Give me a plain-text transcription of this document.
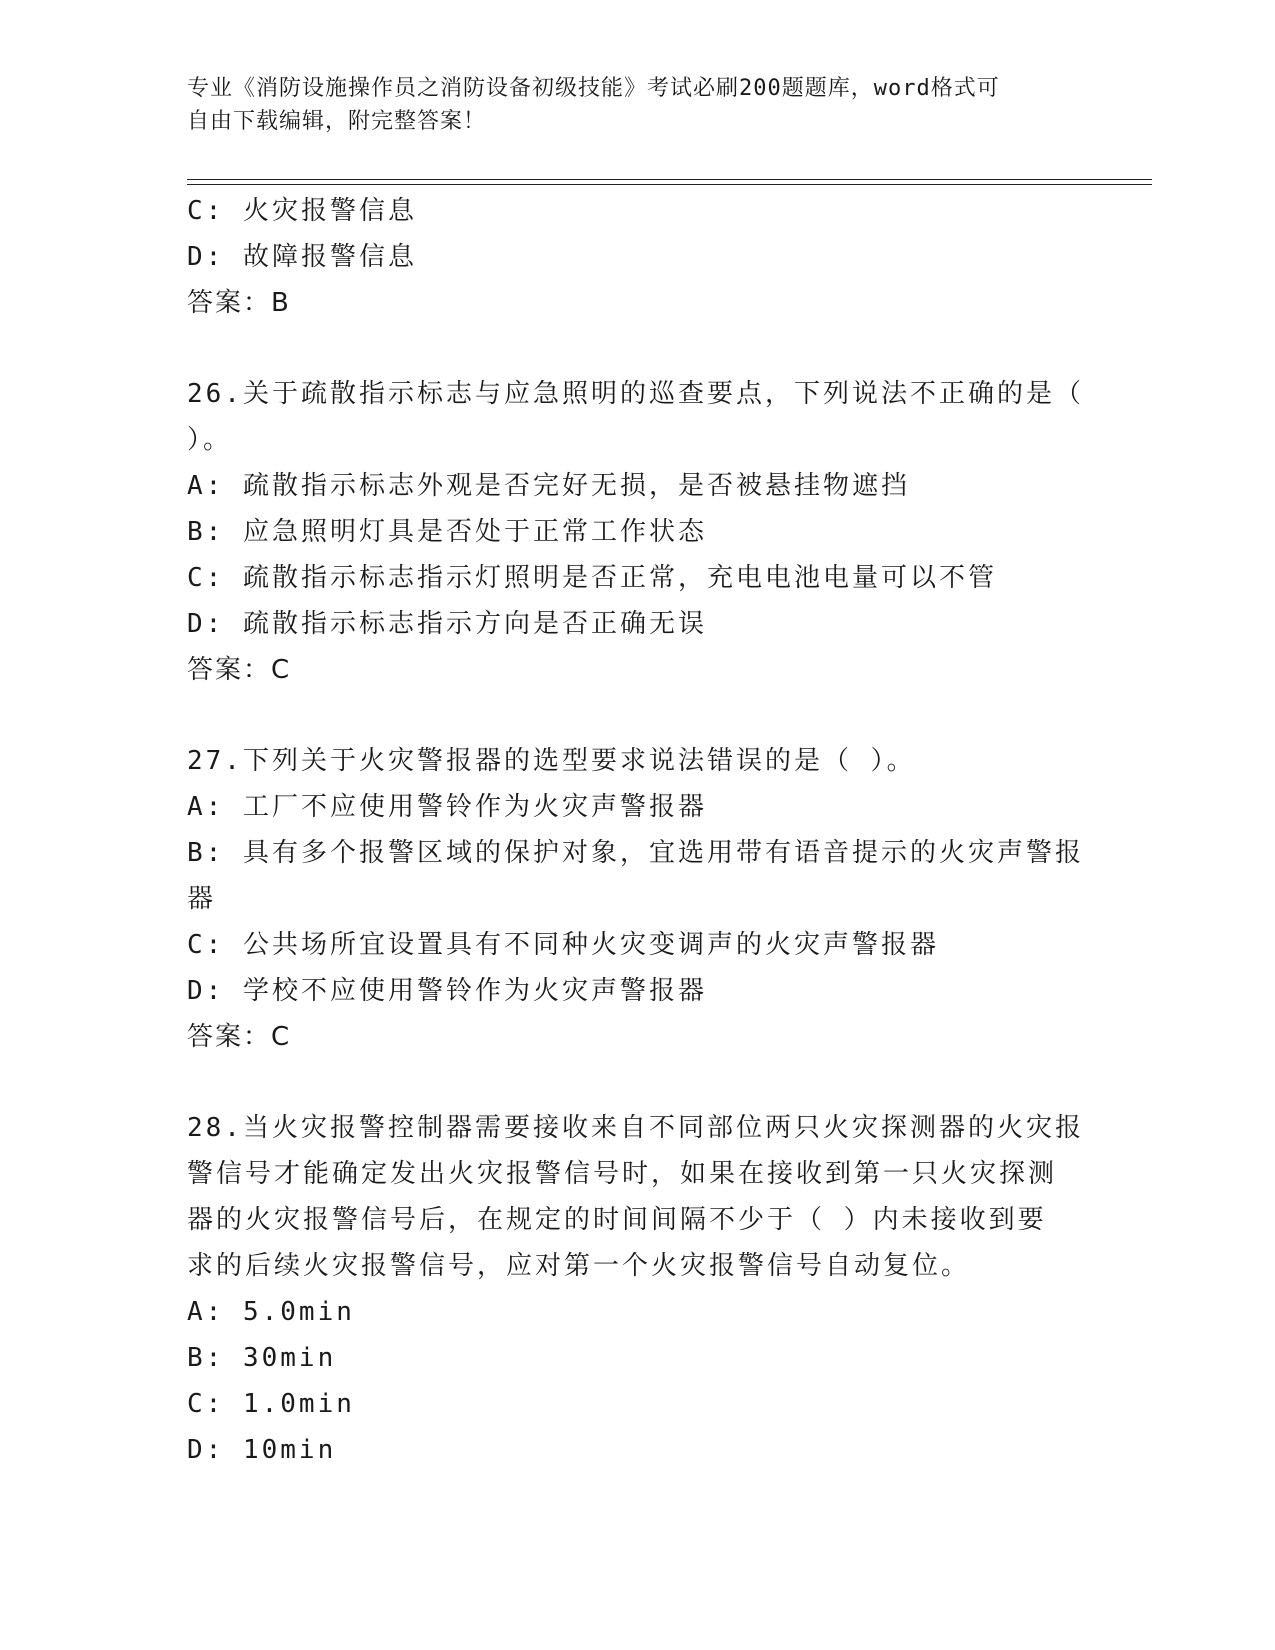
专业《消防设施操作员之消防设备初级技能》考试必刷200题题库，word格式可
自由下载编辑，附完整答案！
C: 火灾报警信息
D: 故障报警信息
答案：B
26.关于疏散指示标志与应急照明的巡查要点，下列说法不正确的是（
）。
A: 疏散指示标志外观是否完好无损，是否被悬挂物遮挡
B: 应急照明灯具是否处于正常工作状态
C: 疏散指示标志指示灯照明是否正常，充电电池电量可以不管
D: 疏散指示标志指示方向是否正确无误
答案：C
27.下列关于火灾警报器的选型要求说法错误的是（ ）。
A: 工厂不应使用警铃作为火灾声警报器
B: 具有多个报警区域的保护对象，宜选用带有语音提示的火灾声警报
器
C: 公共场所宜设置具有不同种火灾变调声的火灾声警报器
D: 学校不应使用警铃作为火灾声警报器
答案：C
28.当火灾报警控制器需要接收来自不同部位两只火灾探测器的火灾报
警信号才能确定发出火灾报警信号时，如果在接收到第一只火灾探测
器的火灾报警信号后，在规定的时间间隔不少于（ ）内未接收到要
求的后续火灾报警信号，应对第一个火灾报警信号自动复位。
A: 5.0min
B: 30min
C: 1.0min
D: 10min
